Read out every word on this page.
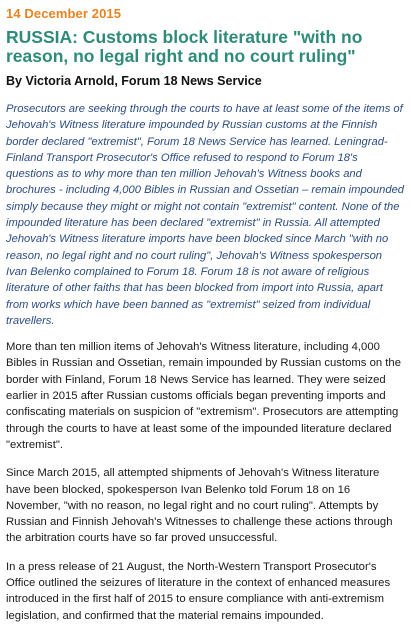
14 December 2015
RUSSIA: Customs block literature "with no reason, no legal right and no court ruling"
By Victoria Arnold, Forum 18 News Service
Prosecutors are seeking through the courts to have at least some of the items of Jehovah's Witness literature impounded by Russian customs at the Finnish border declared "extremist", Forum 18 News Service has learned. Leningrad-Finland Transport Prosecutor's Office refused to respond to Forum 18's questions as to why more than ten million Jehovah's Witness books and brochures - including 4,000 Bibles in Russian and Ossetian – remain impounded simply because they might or might not contain "extremist" content. None of the impounded literature has been declared "extremist" in Russia. All attempted Jehovah's Witness literature imports have been blocked since March "with no reason, no legal right and no court ruling", Jehovah's Witness spokesperson Ivan Belenko complained to Forum 18. Forum 18 is not aware of religious literature of other faiths that has been blocked from import into Russia, apart from works which have been banned as "extremist" seized from individual travellers.
More than ten million items of Jehovah's Witness literature, including 4,000 Bibles in Russian and Ossetian, remain impounded by Russian customs on the border with Finland, Forum 18 News Service has learned. They were seized earlier in 2015 after Russian customs officials began preventing imports and confiscating materials on suspicion of "extremism". Prosecutors are attempting through the courts to have at least some of the impounded literature declared "extremist".
Since March 2015, all attempted shipments of Jehovah's Witness literature have been blocked, spokesperson Ivan Belenko told Forum 18 on 16 November, "with no reason, no legal right and no court ruling". Attempts by Russian and Finnish Jehovah's Witnesses to challenge these actions through the arbitration courts have so far proved unsuccessful.
In a press release of 21 August, the North-Western Transport Prosecutor's Office outlined the seizures of literature in the context of enhanced measures introduced in the first half of 2015 to ensure compliance with anti-extremism legislation, and confirmed that the material remains impounded.
